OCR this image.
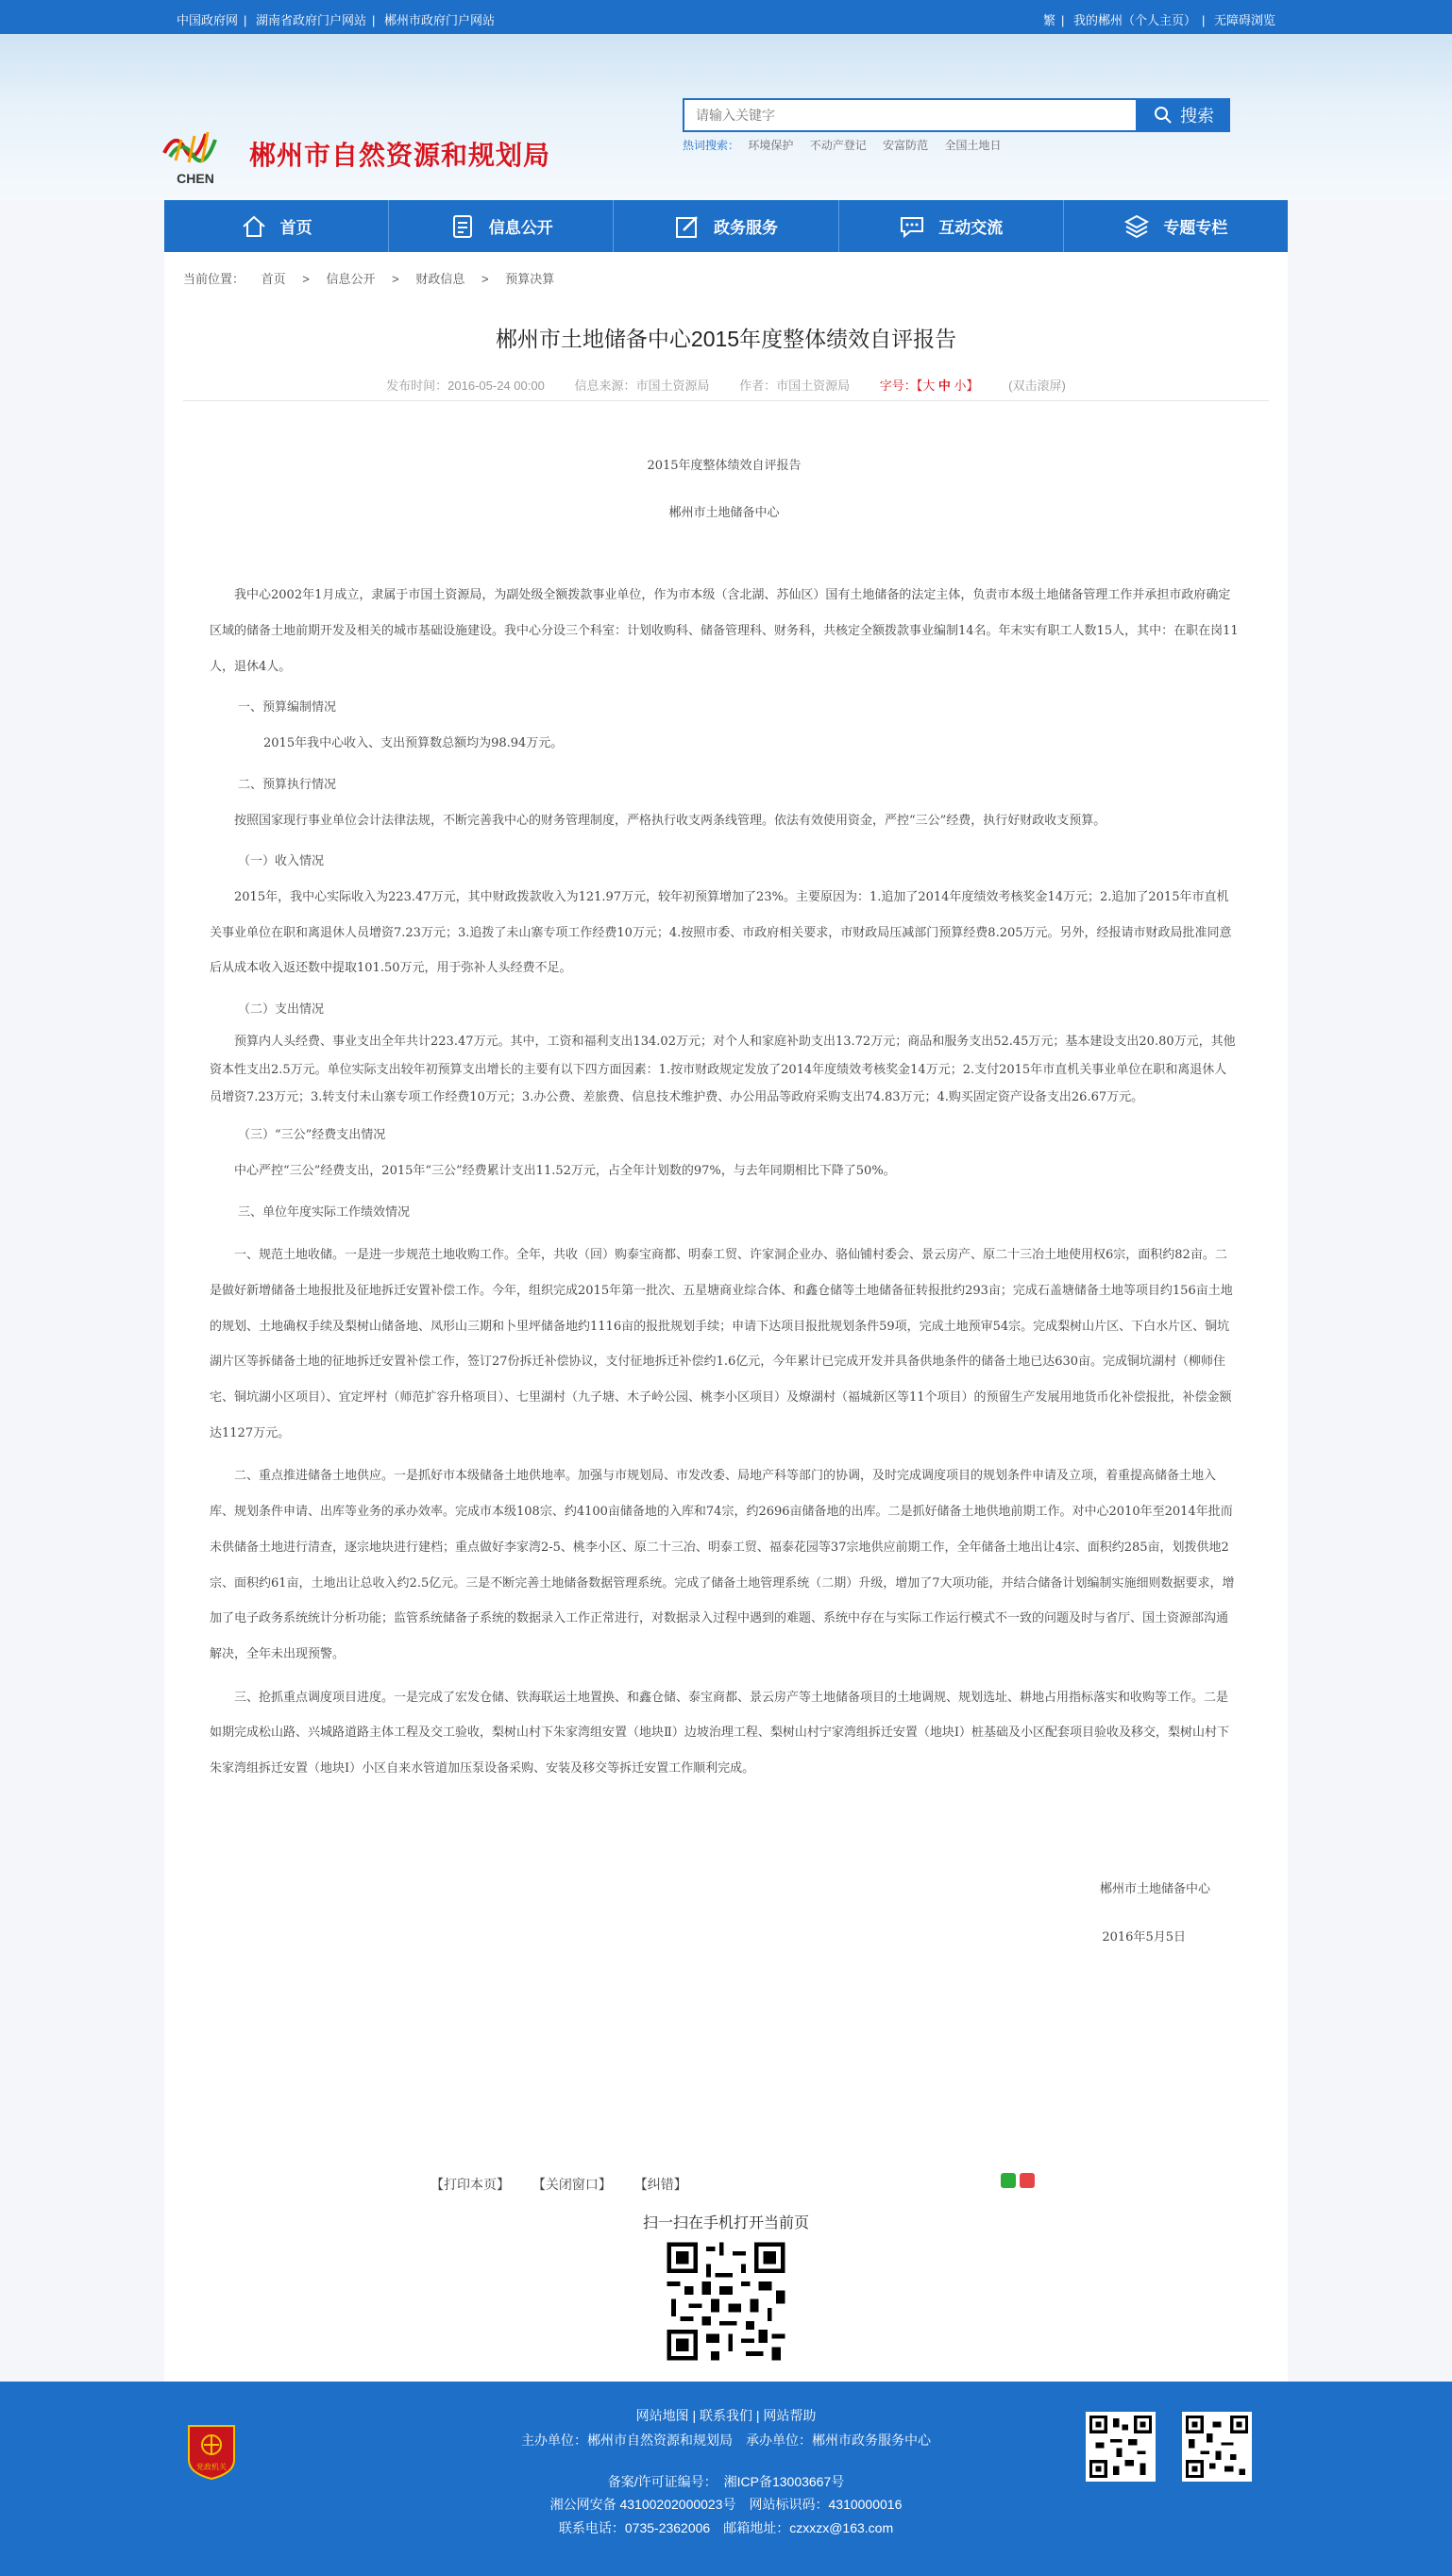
中国政府网 | 湖南省政府门户网站 | 郴州市政府门户网站	繁 | 我的郴州（个人主页） | 无障碍浏览
CHEN
郴州市自然资源和规划局
请输入关键字
搜索
热词搜索： 环境保护 不动产登记 安富防范 全国土地日
首页	信息公开	政务服务	互动交流	专题专栏
当前位置： 首页 > 信息公开 > 财政信息 > 预算决算
郴州市土地储备中心2015年度整体绩效自评报告
发布时间：2016-05-24 00:00 信息来源：市国土资源局 作者：市国土资源局 字号：【大 中 小】 (双击滚屏)
2015年度整体绩效自评报告
郴州市土地储备中心
我中心2002年1月成立，隶属于市国土资源局，为副处级全额拨款事业单位，作为市本级（含北湖、苏仙区）国有土地储备的法定主体，负责市本级土地储备管理工作并承担市政府确定区域的储备土地前期开发及相关的城市基础设施建设。我中心分设三个科室：计划收购科、储备管理科、财务科，共核定全额拨款事业编制14名。年末实有职工人数15人，其中：在职在岗11人，退休4人。
一、预算编制情况
2015年我中心收入、支出预算数总额均为98.94万元。
二、预算执行情况
按照国家现行事业单位会计法律法规，不断完善我中心的财务管理制度，严格执行收支两条线管理。依法有效使用资金，严控“三公”经费，执行好财政收支预算。
（一）收入情况
2015年，我中心实际收入为223.47万元，其中财政拨款收入为121.97万元，较年初预算增加了23%。主要原因为：1.追加了2014年度绩效考核奖金14万元；2.追加了2015年市直机关事业单位在职和离退休人员增资7.23万元；3.追拨了未山寨专项工作经费10万元；4.按照市委、市政府相关要求，市财政局压减部门预算经费8.205万元。另外，经报请市财政局批准同意后从成本收入返还数中提取101.50万元，用于弥补人头经费不足。
（二）支出情况
预算内人头经费、事业支出全年共计223.47万元。其中，工资和福利支出134.02万元；对个人和家庭补助支出13.72万元；商品和服务支出52.45万元；基本建设支出20.80万元，其他资本性支出2.5万元。单位实际支出较年初预算支出增长的主要有以下四方面因素：1.按市财政规定发放了2014年度绩效考核奖金14万元；2.支付2015年市直机关事业单位在职和离退休人员增资7.23万元；3.转支付未山寨专项工作经费10万元；3.办公费、差旅费、信息技术维护费、办公用品等政府采购支出74.83万元；4.购买固定资产设备支出26.67万元。
（三）“三公”经费支出情况
中心严控“三公”经费支出，2015年“三公”经费累计支出11.52万元，占全年计划数的97%，与去年同期相比下降了50%。
三、单位年度实际工作绩效情况
一、规范土地收储。一是进一步规范土地收购工作。全年，共收（回）购泰宝商都、明泰工贸、许家洞企业办、骆仙铺村委会、景云房产、原二十三冶土地使用权6宗，面积约82亩。二是做好新增储备土地报批及征地拆迁安置补偿工作。今年，组织完成2015年第一批次、五星塘商业综合体、和鑫仓储等土地储备征转报批约293亩；完成石盖塘储备土地等项目约156亩土地的规划、土地确权手续及梨树山储备地、凤形山三期和卜里坪储备地约1116亩的报批规划手续；申请下达项目报批规划条件59项，完成土地预审54宗。完成梨树山片区、下白水片区、铜坑湖片区等拆储备土地的征地拆迁安置补偿工作，签订27份拆迁补偿协议，支付征地拆迁补偿约1.6亿元，今年累计已完成开发并具备供地条件的储备土地已达630亩。完成铜坑湖村（柳师住宅、铜坑湖小区项目）、宜定坪村（师范扩容升格项目）、七里湖村（九子塘、木子岭公园、桃李小区项目）及燎湖村（福城新区等11个项目）的预留生产发展用地货币化补偿报批，补偿金额达1127万元。
二、重点推进储备土地供应。一是抓好市本级储备土地供地率。加强与市规划局、市发改委、局地产科等部门的协调，及时完成调度项目的规划条件申请及立项，着重提高储备土地入库、规划条件申请、出库等业务的承办效率。完成市本级108宗、约4100亩储备地的入库和74宗，约2696亩储备地的出库。二是抓好储备土地供地前期工作。对中心2010年至2014年批而未供储备土地进行清查，逐宗地块进行建档；重点做好李家湾2-5、桃李小区、原二十三冶、明泰工贸、福泰花园等37宗地供应前期工作，全年储备土地出让4宗、面积约285亩，划拨供地2宗、面积约61亩，土地出让总收入约2.5亿元。三是不断完善土地储备数据管理系统。完成了储备土地管理系统（二期）升级，增加了7大项功能，并结合储备计划编制实施细则数据要求，增加了电子政务系统统计分析功能；监管系统储备子系统的数据录入工作正常进行，对数据录入过程中遇到的难题、系统中存在与实际工作运行模式不一致的问题及时与省厅、国土资源部沟通解决，全年未出现预警。
三、抢抓重点调度项目进度。一是完成了宏发仓储、铁海联运土地置换、和鑫仓储、泰宝商都、景云房产等土地储备项目的土地调规、规划选址、耕地占用指标落实和收购等工作。二是如期完成松山路、兴城路道路主体工程及交工验收，梨树山村下朱家湾组安置（地块Ⅱ）边坡治理工程、梨树山村宁家湾组拆迁安置（地块Ⅰ）桩基础及小区配套项目验收及移交，梨树山村下朱家湾组拆迁安置（地块Ⅰ）小区自来水管道加压泵设备采购、安装及移交等拆迁安置工作顺利完成。
郴州市土地储备中心
2016年5月5日
【打印本页】 【关闭窗口】 【纠错】
扫一扫在手机打开当前页
党政机关
网站地图 | 联系我们 | 网站帮助
主办单位：郴州市自然资源和规划局　承办单位：郴州市政务服务中心
备案/许可证编号：　湘ICP备13003667号
湘公网安备 43100202000023号　网站标识码：4310000016
联系电话：0735-2362006　邮箱地址：czxxzx@163.com
